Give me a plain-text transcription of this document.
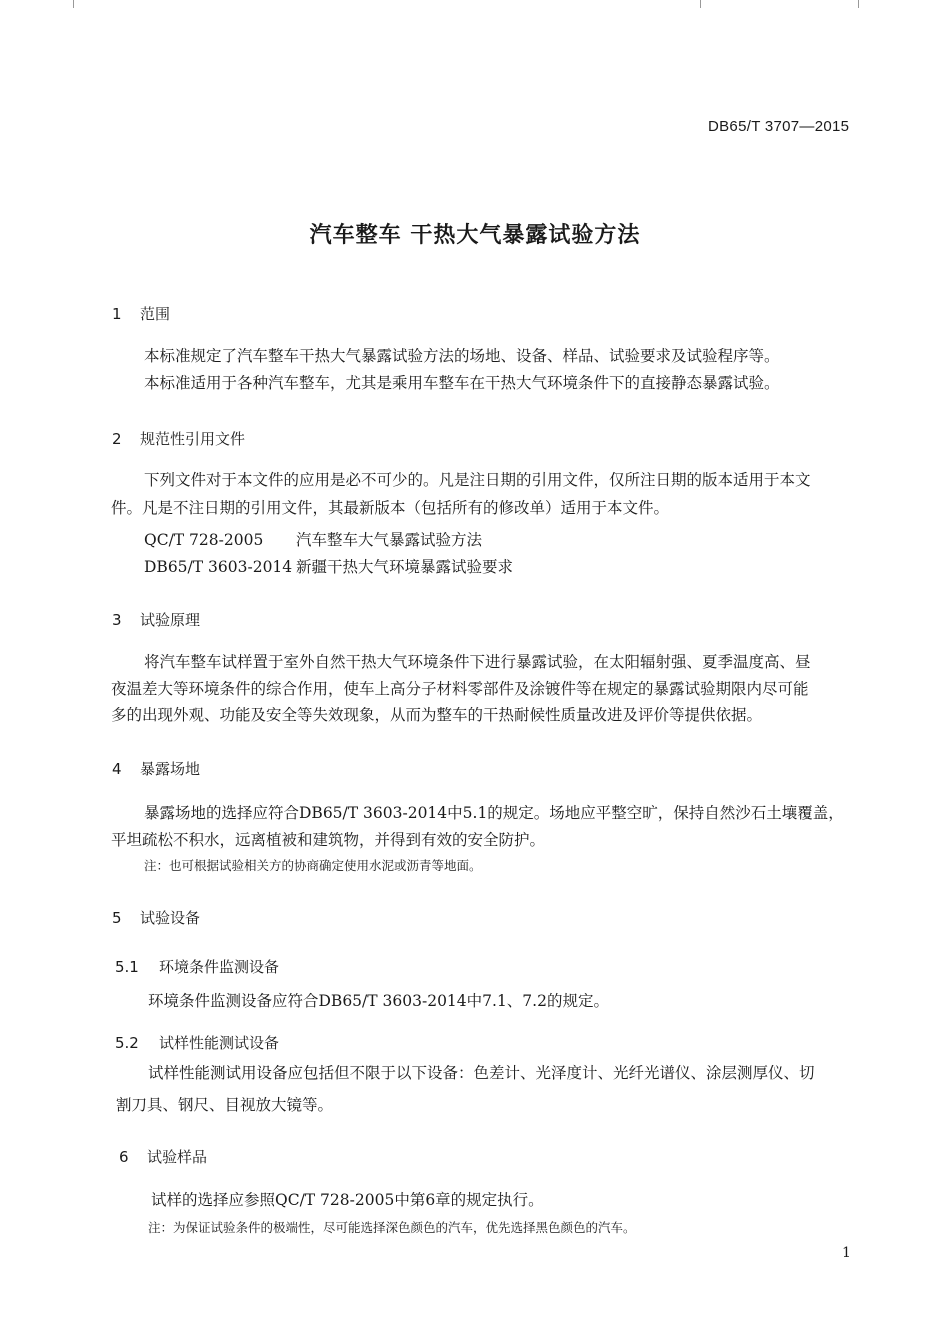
DB65/T 3707—2015
汽车整车 干热大气暴露试验方法
1 范围
本标准规定了汽车整车干热大气暴露试验方法的场地、设备、样品、试验要求及试验程序等。
本标准适用于各种汽车整车，尤其是乘用车整车在干热大气环境条件下的直接静态暴露试验。
2 规范性引用文件
下列文件对于本文件的应用是必不可少的。凡是注日期的引用文件，仅所注日期的版本适用于本文
件。凡是不注日期的引用文件，其最新版本（包括所有的修改单）适用于本文件。
QC/T 728-2005 汽车整车大气暴露试验方法
DB65/T 3603-2014 新疆干热大气环境暴露试验要求
3 试验原理
将汽车整车试样置于室外自然干热大气环境条件下进行暴露试验，在太阳辐射强、夏季温度高、昼
夜温差大等环境条件的综合作用，使车上高分子材料零部件及涂镀件等在规定的暴露试验期限内尽可能
多的出现外观、功能及安全等失效现象，从而为整车的干热耐候性质量改进及评价等提供依据。
4 暴露场地
暴露场地的选择应符合DB65/T 3603-2014中5.1的规定。场地应平整空旷，保持自然沙石土壤覆盖，
平坦疏松不积水，远离植被和建筑物，并得到有效的安全防护。
注：也可根据试验相关方的协商确定使用水泥或沥青等地面。
5 试验设备
5.1 环境条件监测设备
环境条件监测设备应符合DB65/T 3603-2014中7.1、7.2的规定。
5.2 试样性能测试设备
试样性能测试用设备应包括但不限于以下设备：色差计、光泽度计、光纤光谱仪、涂层测厚仪、切
割刀具、钢尺、目视放大镜等。
6 试验样品
试样的选择应参照QC/T 728-2005中第6章的规定执行。
注：为保证试验条件的极端性，尽可能选择深色颜色的汽车，优先选择黑色颜色的汽车。
1
